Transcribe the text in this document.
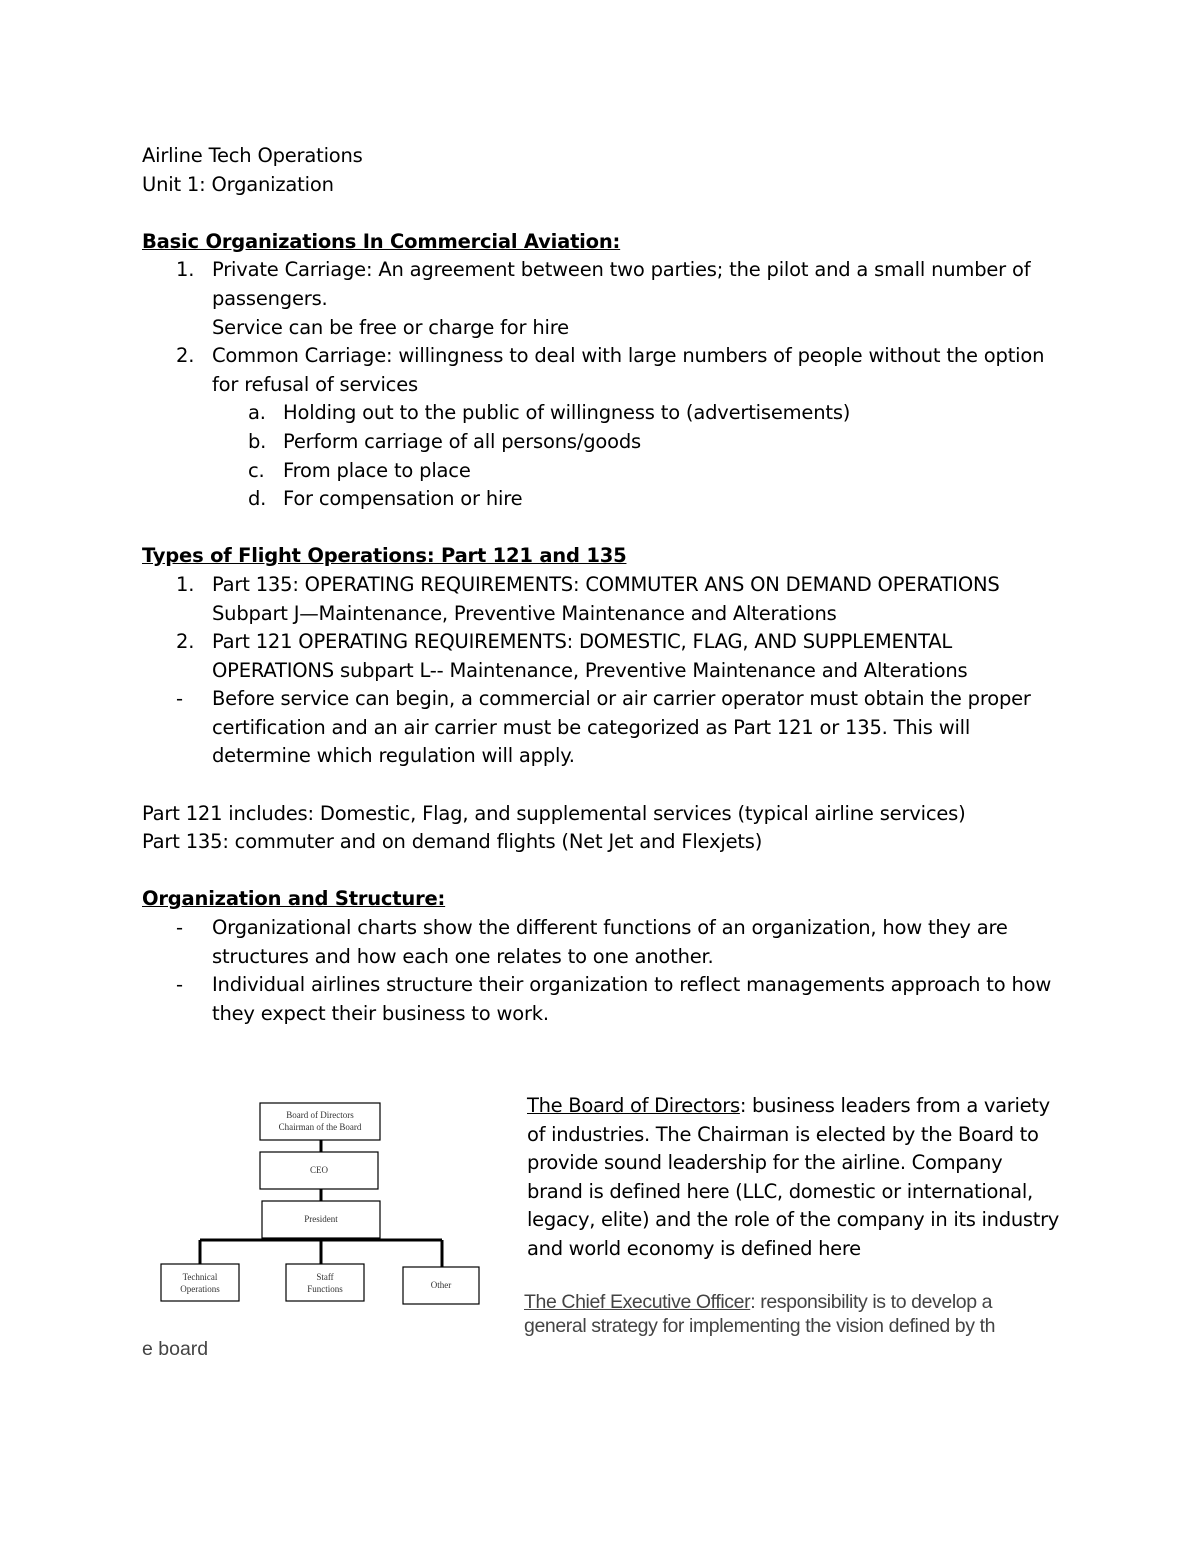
Airline Tech Operations

Unit 1: Organization

Basic Organizations In Commercial Aviation:

1. Private Carriage: An agreement between two parties; the pilot and a small number of
passengers.
Service can be free or charge for hire
2. Common Carriage: willingness to deal with large numbers of people without the option
for refusal of services
a. Holding out to the public of willingness to (advertisements)
b. Perform carriage of all persons/goods
c. From place to place
d. For compensation or hire

Types of Flight Operations: Part 121 and 135

1. Part 135: OPERATING REQUIREMENTS: COMMUTER ANS ON DEMAND OPERATIONS
Subpart J—Maintenance, Preventive Maintenance and Alterations
2. Part 121 OPERATING REQUIREMENTS: DOMESTIC, FLAG, AND SUPPLEMENTAL
OPERATIONS subpart L-- Maintenance, Preventive Maintenance and Alterations
- Before service can begin, a commercial or air carrier operator must obtain the proper
certification and an air carrier must be categorized as Part 121 or 135. This will
determine which regulation will apply.

Part 121 includes: Domestic, Flag, and supplemental services (typical airline services)

Part 135: commuter and on demand flights (Net Jet and Flexjets)

Organization and Structure:

- Organizational charts show the different functions of an organization, how they are
structures and how each one relates to one another.
- Individual airlines structure their organization to reflect managements approach to how
they expect their business to work.
Board of Directors
Chairman of the Board
CEO
President
Technical
Operations
Staff
Functions	Other
The Board of Directors: business leaders from a variety
of industries. The Chairman is elected by the Board to
provide sound leadership for the airline. Company
brand is defined here (LLC, domestic or international,
legacy, elite) and the role of the company in its industry
and world economy is defined here
The Chief Executive Officer: responsibility is to develop a
general strategy for implementing the vision defined by th
e board
